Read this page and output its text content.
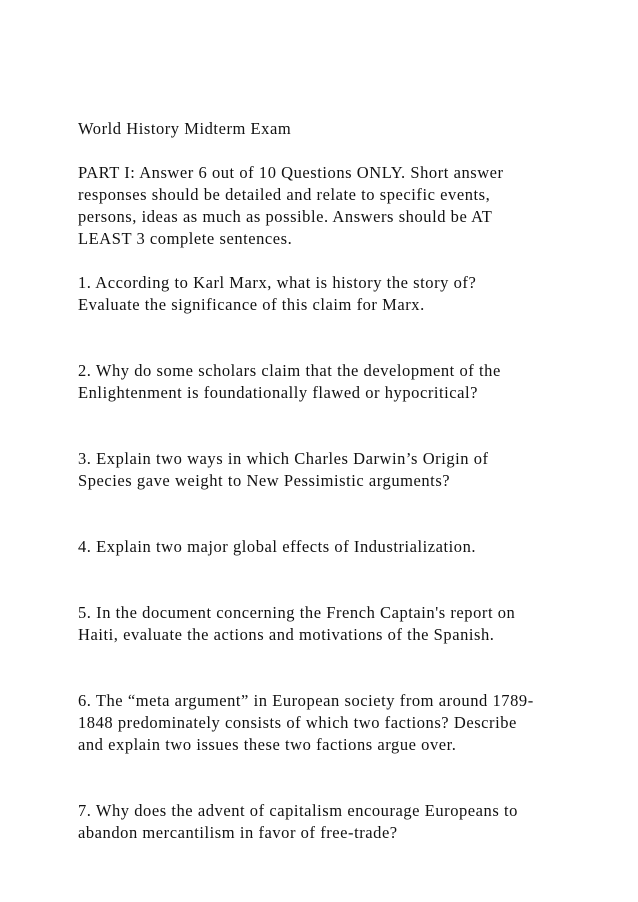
World History Midterm Exam
PART I: Answer 6 out of 10 Questions ONLY. Short answer
responses should be detailed and relate to specific events,
persons, ideas as much as possible. Answers should be AT
LEAST 3 complete sentences.
1. According to Karl Marx, what is history the story of?
Evaluate the significance of this claim for Marx.
2. Why do some scholars claim that the development of the
Enlightenment is foundationally flawed or hypocritical?
3. Explain two ways in which Charles Darwin’s Origin of
Species gave weight to New Pessimistic arguments?
4. Explain two major global effects of Industrialization.
5. In the document concerning the French Captain's report on
Haiti, evaluate the actions and motivations of the Spanish.
6. The “meta argument” in European society from around 1789-
1848 predominately consists of which two factions? Describe
and explain two issues these two factions argue over.
7. Why does the advent of capitalism encourage Europeans to
abandon mercantilism in favor of free-trade?
